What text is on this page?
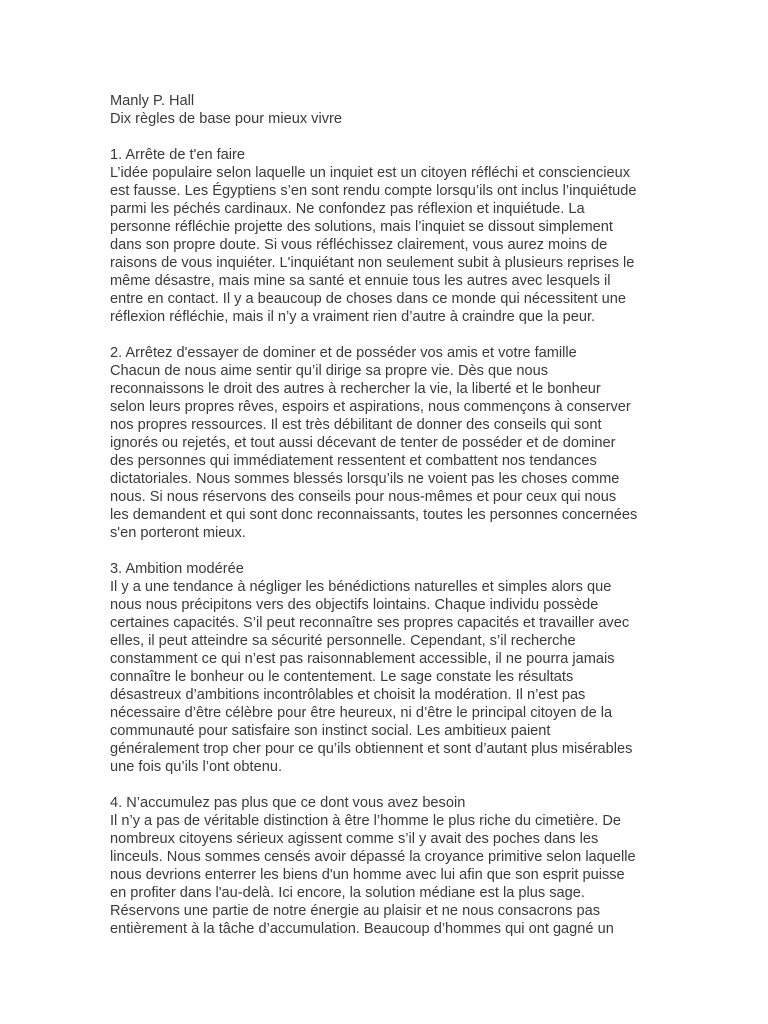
Manly P. Hall
Dix règles de base pour mieux vivre
1. Arrête de t'en faire
L’idée populaire selon laquelle un inquiet est un citoyen réfléchi et consciencieux
est fausse. Les Égyptiens s’en sont rendu compte lorsqu’ils ont inclus l’inquiétude
parmi les péchés cardinaux. Ne confondez pas réflexion et inquiétude. La
personne réfléchie projette des solutions, mais l’inquiet se dissout simplement
dans son propre doute. Si vous réfléchissez clairement, vous aurez moins de
raisons de vous inquiéter. L'inquiétant non seulement subit à plusieurs reprises le
même désastre, mais mine sa santé et ennuie tous les autres avec lesquels il
entre en contact. Il y a beaucoup de choses dans ce monde qui nécessitent une
réflexion réfléchie, mais il n’y a vraiment rien d’autre à craindre que la peur.
2. Arrêtez d'essayer de dominer et de posséder vos amis et votre famille
Chacun de nous aime sentir qu’il dirige sa propre vie. Dès que nous
reconnaissons le droit des autres à rechercher la vie, la liberté et le bonheur
selon leurs propres rêves, espoirs et aspirations, nous commençons à conserver
nos propres ressources. Il est très débilitant de donner des conseils qui sont
ignorés ou rejetés, et tout aussi décevant de tenter de posséder et de dominer
des personnes qui immédiatement ressentent et combattent nos tendances
dictatoriales. Nous sommes blessés lorsqu’ils ne voient pas les choses comme
nous. Si nous réservons des conseils pour nous-mêmes et pour ceux qui nous
les demandent et qui sont donc reconnaissants, toutes les personnes concernées
s'en porteront mieux.
3. Ambition modérée
Il y a une tendance à négliger les bénédictions naturelles et simples alors que
nous nous précipitons vers des objectifs lointains. Chaque individu possède
certaines capacités. S’il peut reconnaître ses propres capacités et travailler avec
elles, il peut atteindre sa sécurité personnelle. Cependant, s’il recherche
constamment ce qui n’est pas raisonnablement accessible, il ne pourra jamais
connaître le bonheur ou le contentement. Le sage constate les résultats
désastreux d’ambitions incontrôlables et choisit la modération. Il n’est pas
nécessaire d’être célèbre pour être heureux, ni d’être le principal citoyen de la
communauté pour satisfaire son instinct social. Les ambitieux paient
généralement trop cher pour ce qu’ils obtiennent et sont d’autant plus misérables
une fois qu’ils l’ont obtenu.
4. N’accumulez pas plus que ce dont vous avez besoin
Il n’y a pas de véritable distinction à être l’homme le plus riche du cimetière. De
nombreux citoyens sérieux agissent comme s’il y avait des poches dans les
linceuls. Nous sommes censés avoir dépassé la croyance primitive selon laquelle
nous devrions enterrer les biens d'un homme avec lui afin que son esprit puisse
en profiter dans l'au-delà. Ici encore, la solution médiane est la plus sage.
Réservons une partie de notre énergie au plaisir et ne nous consacrons pas
entièrement à la tâche d’accumulation. Beaucoup d’hommes qui ont gagné un
